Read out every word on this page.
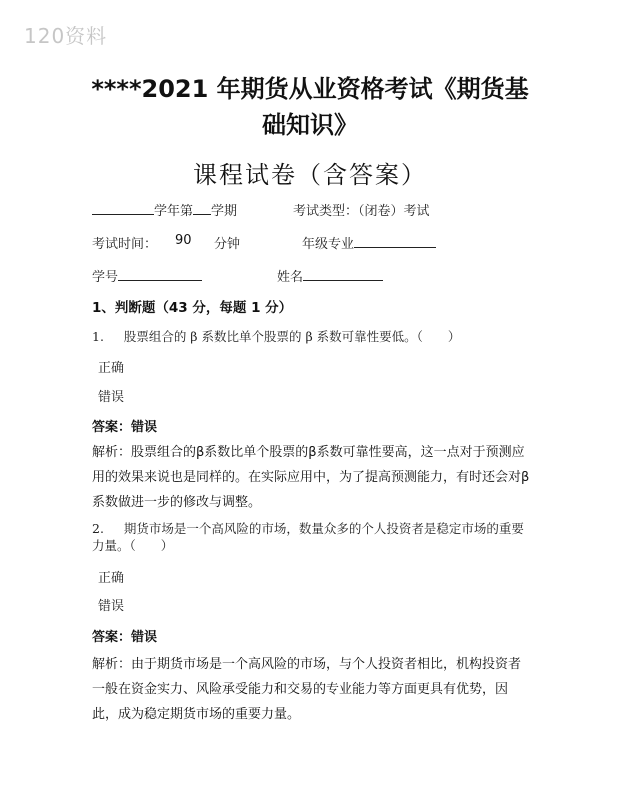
120资料
****2021 年期货从业资格考试《期货基
础知识》
课程试卷（含答案）
学年第 学期	考试类型：（闭卷）考试
考试时间： 90 分钟	年级专业
学号	姓名
1、判断题（43 分，每题 1 分）
1. 股票组合的 β 系数比单个股票的 β 系数可靠性要低。（　　）
正确
错误
答案：错误
解析：股票组合的β系数比单个股票的β系数可靠性要高，这一点对于预测应用的效果来说也是同样的。在实际应用中，为了提高预测能力，有时还会对β系数做进一步的修改与调整。
2. 期货市场是一个高风险的市场，数量众多的个人投资者是稳定市场的重要力量。（　　）
正确
错误
答案：错误
解析：由于期货市场是一个高风险的市场，与个人投资者相比，机构投资者一般在资金实力、风险承受能力和交易的专业能力等方面更具有优势，因此，成为稳定期货市场的重要力量。
